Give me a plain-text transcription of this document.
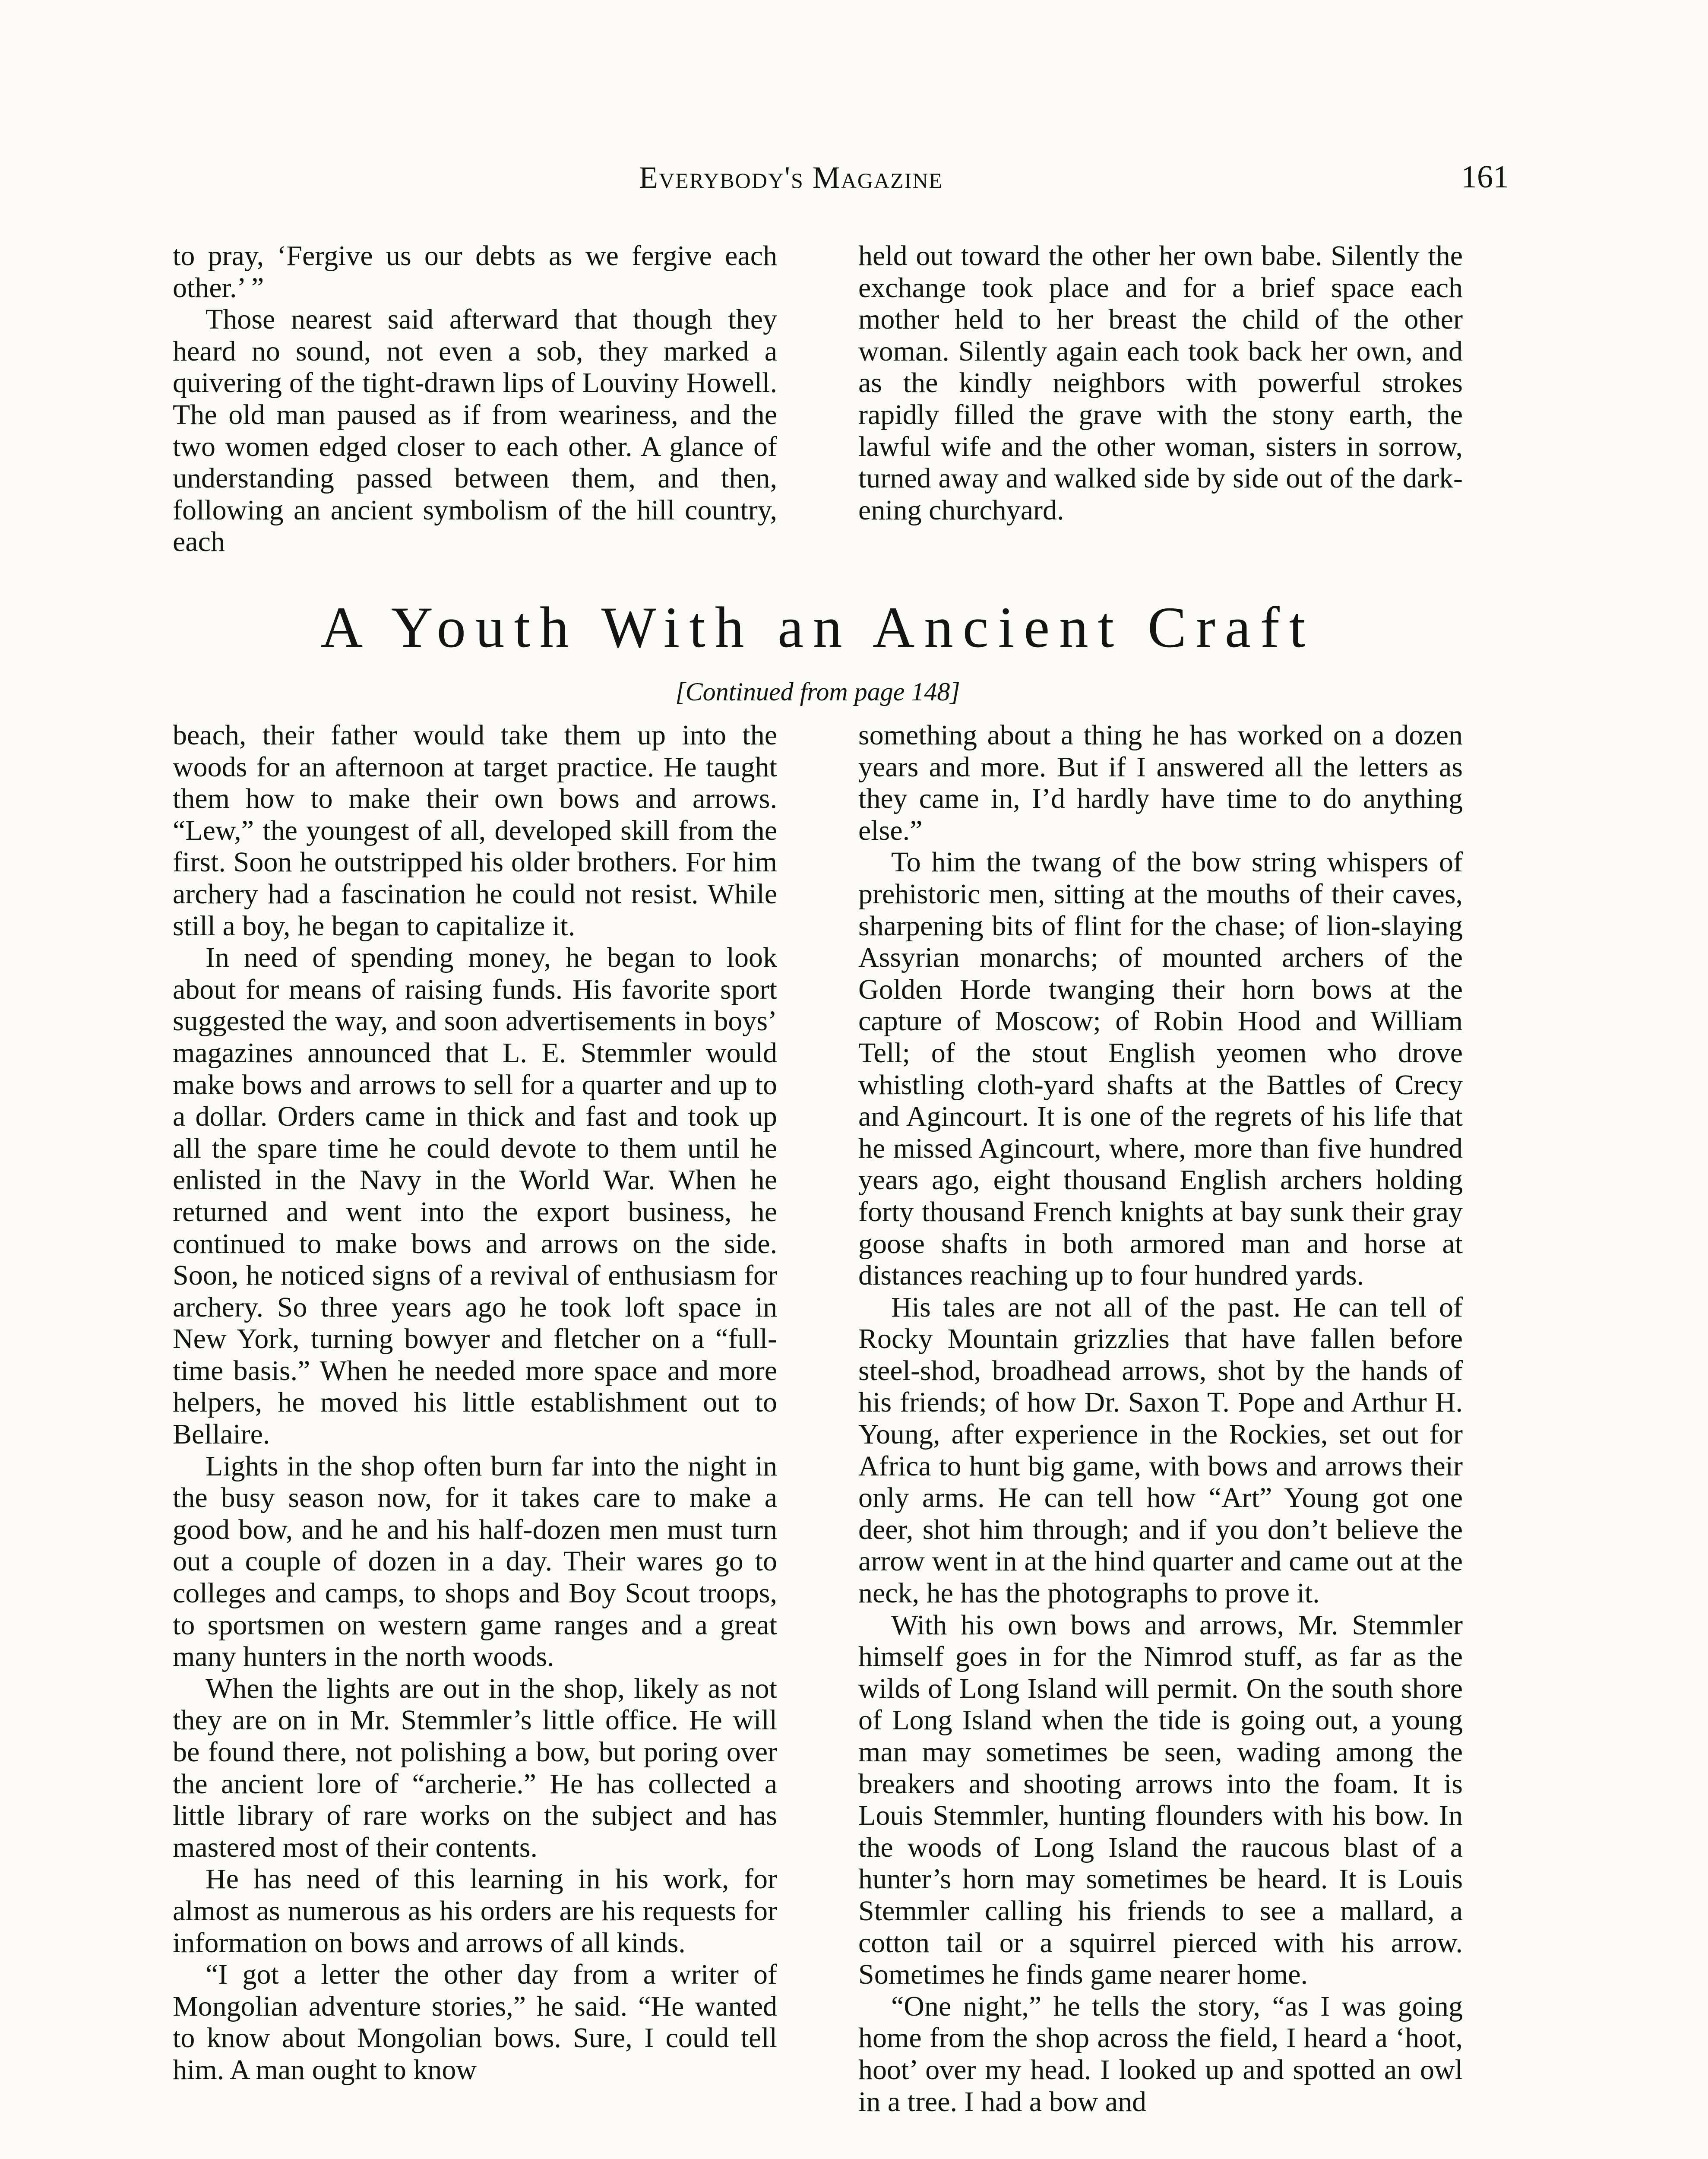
Everybody's Magazine	161

to pray, ‘Fergive us our debts as we fergive each other.’ ”

Those nearest said afterward that though they heard no sound, not even a sob, they marked a quivering of the tight-drawn lips of Louviny Howell. The old man paused as if from weariness, and the two women edged closer to each other. A glance of understanding passed between them, and then, following an ancient symbolism of the hill country, each

held out toward the other her own babe. Silently the exchange took place and for a brief space each mother held to her breast the child of the other woman. Silently again each took back her own, and as the kindly neighbors with powerful strokes rapidly filled the grave with the stony earth, the lawful wife and the other woman, sisters in sorrow, turned away and walked side by side out of the darkening churchyard.

A Youth With an Ancient Craft
[Continued from page 148]

beach, their father would take them up into the woods for an afternoon at target practice. He taught them how to make their own bows and arrows. “Lew,” the youngest of all, developed skill from the first. Soon he outstripped his older brothers. For him archery had a fascination he could not resist. While still a boy, he began to capitalize it.

In need of spending money, he began to look about for means of raising funds. His favorite sport suggested the way, and soon advertisements in boys’ magazines announced that L. E. Stemmler would make bows and arrows to sell for a quarter and up to a dollar. Orders came in thick and fast and took up all the spare time he could devote to them until he enlisted in the Navy in the World War. When he returned and went into the export business, he continued to make bows and arrows on the side. Soon, he noticed signs of a revival of enthusiasm for archery. So three years ago he took loft space in New York, turning bowyer and fletcher on a “full-time basis.” When he needed more space and more helpers, he moved his little establishment out to Bellaire.

Lights in the shop often burn far into the night in the busy season now, for it takes care to make a good bow, and he and his half-dozen men must turn out a couple of dozen in a day. Their wares go to colleges and camps, to shops and Boy Scout troops, to sportsmen on western game ranges and a great many hunters in the north woods.

When the lights are out in the shop, likely as not they are on in Mr. Stemmler’s little office. He will be found there, not polishing a bow, but poring over the ancient lore of “archerie.” He has collected a little library of rare works on the subject and has mastered most of their contents.

He has need of this learning in his work, for almost as numerous as his orders are his requests for information on bows and arrows of all kinds.

“I got a letter the other day from a writer of Mongolian adventure stories,” he said. “He wanted to know about Mongolian bows. Sure, I could tell him. A man ought to know

something about a thing he has worked on a dozen years and more. But if I answered all the letters as they came in, I’d hardly have time to do anything else.”

To him the twang of the bow string whispers of prehistoric men, sitting at the mouths of their caves, sharpening bits of flint for the chase; of lion-slaying Assyrian monarchs; of mounted archers of the Golden Horde twanging their horn bows at the capture of Moscow; of Robin Hood and William Tell; of the stout English yeomen who drove whistling cloth-yard shafts at the Battles of Crecy and Agincourt. It is one of the regrets of his life that he missed Agincourt, where, more than five hundred years ago, eight thousand English archers holding forty thousand French knights at bay sunk their gray goose shafts in both armored man and horse at distances reaching up to four hundred yards.

His tales are not all of the past. He can tell of Rocky Mountain grizzlies that have fallen before steel-shod, broadhead arrows, shot by the hands of his friends; of how Dr. Saxon T. Pope and Arthur H. Young, after experience in the Rockies, set out for Africa to hunt big game, with bows and arrows their only arms. He can tell how “Art” Young got one deer, shot him through; and if you don’t believe the arrow went in at the hind quarter and came out at the neck, he has the photographs to prove it.

With his own bows and arrows, Mr. Stemmler himself goes in for the Nimrod stuff, as far as the wilds of Long Island will permit. On the south shore of Long Island when the tide is going out, a young man may sometimes be seen, wading among the breakers and shooting arrows into the foam. It is Louis Stemmler, hunting flounders with his bow. In the woods of Long Island the raucous blast of a hunter’s horn may sometimes be heard. It is Louis Stemmler calling his friends to see a mallard, a cotton tail or a squirrel pierced with his arrow. Sometimes he finds game nearer home.

“One night,” he tells the story, “as I was going home from the shop across the field, I heard a ‘hoot, hoot’ over my head. I looked up and spotted an owl in a tree. I had a bow and
